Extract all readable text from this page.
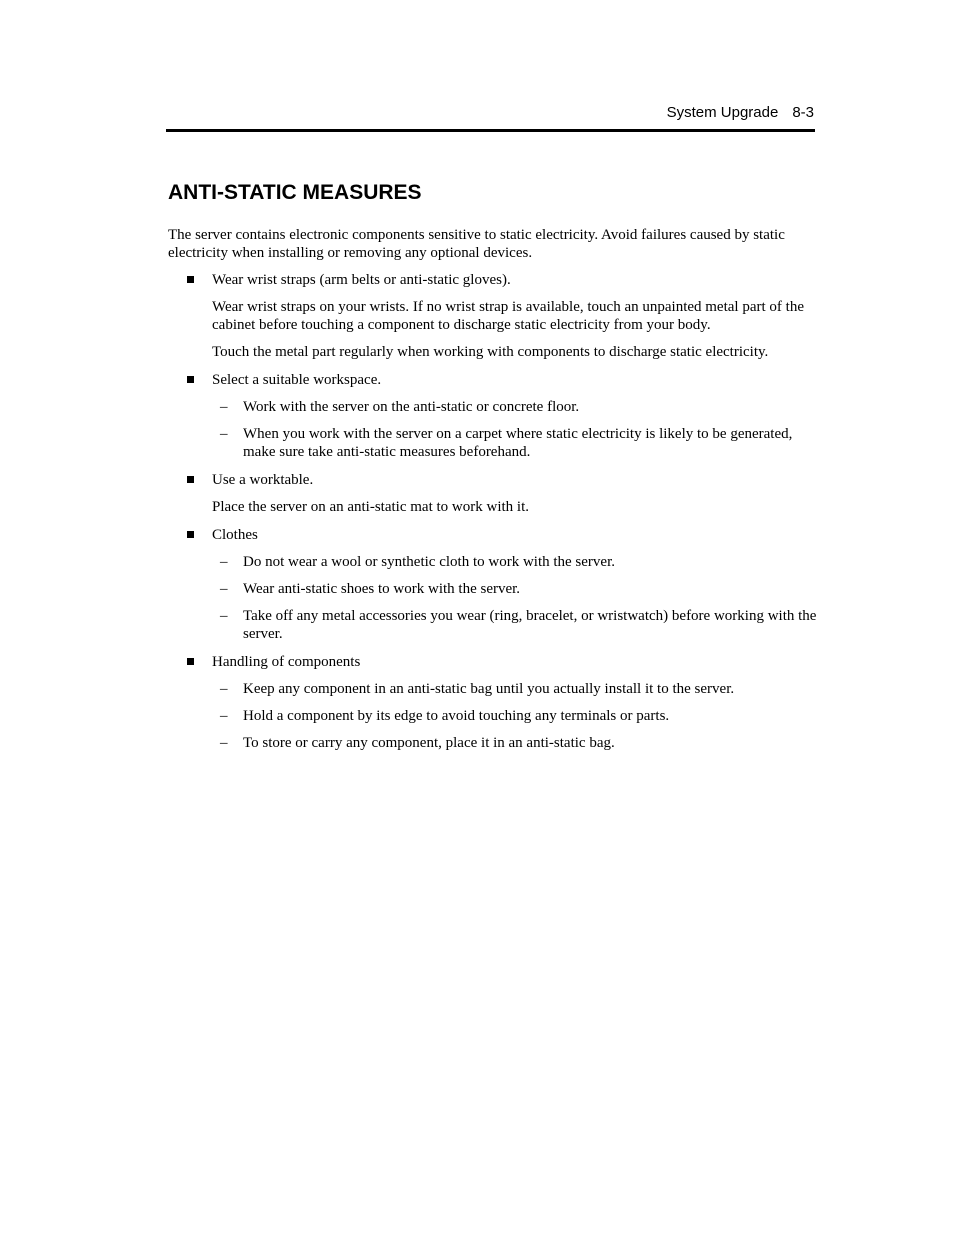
System Upgrade 8-3
ANTI-STATIC MEASURES

The server contains electronic components sensitive to static electricity. Avoid failures caused by static electricity when installing or removing any optional devices.

Wear wrist straps (arm belts or anti-static gloves).

Wear wrist straps on your wrists. If no wrist strap is available, touch an unpainted metal part of the cabinet before touching a component to discharge static electricity from your body.

Touch the metal part regularly when working with components to discharge static electricity.

Select a suitable workspace.
– Work with the server on the anti-static or concrete floor.
– When you work with the server on a carpet where static electricity is likely to be generated, make sure take anti-static measures beforehand.
Use a worktable.

Place the server on an anti-static mat to work with it.

Clothes
– Do not wear a wool or synthetic cloth to work with the server.
– Wear anti-static shoes to work with the server.
– Take off any metal accessories you wear (ring, bracelet, or wristwatch) before working with the server.
Handling of components
– Keep any component in an anti-static bag until you actually install it to the server.
– Hold a component by its edge to avoid touching any terminals or parts.
– To store or carry any component, place it in an anti-static bag.
